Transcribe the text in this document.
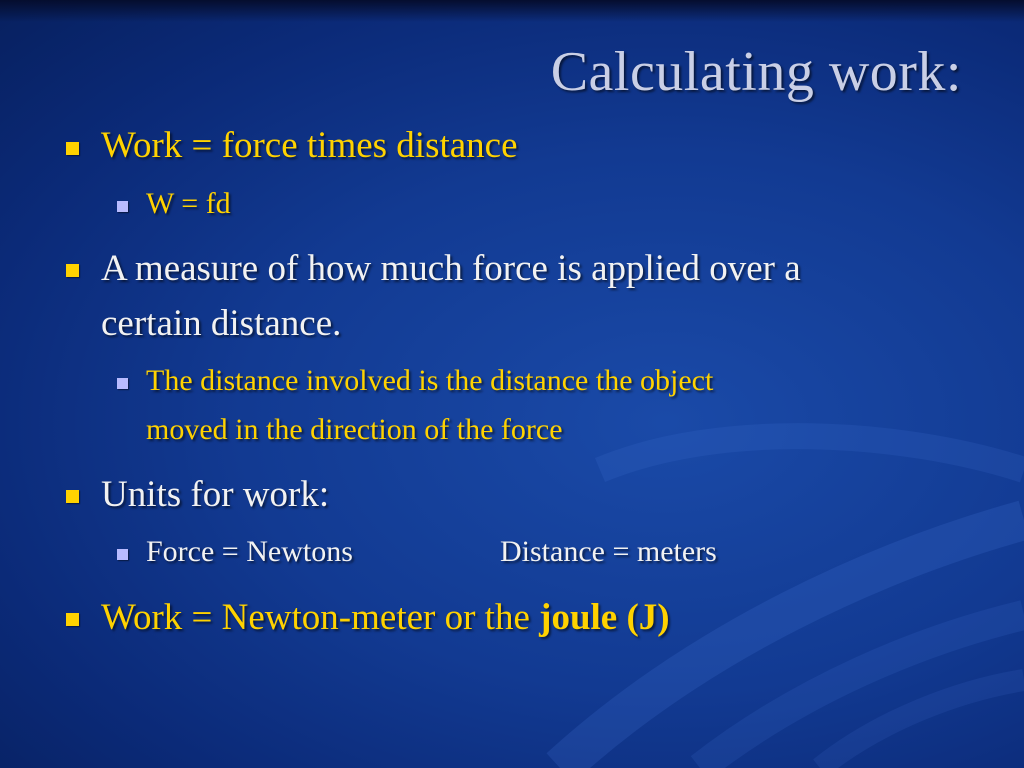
Calculating work:
Work = force times distance
W = fd
A measure of how much force is applied over a
certain distance.
The distance involved is the distance the object
moved in the direction of the force
Units for work:
Force = Newtons	Distance = meters
Work = Newton-meter or the joule (J)
